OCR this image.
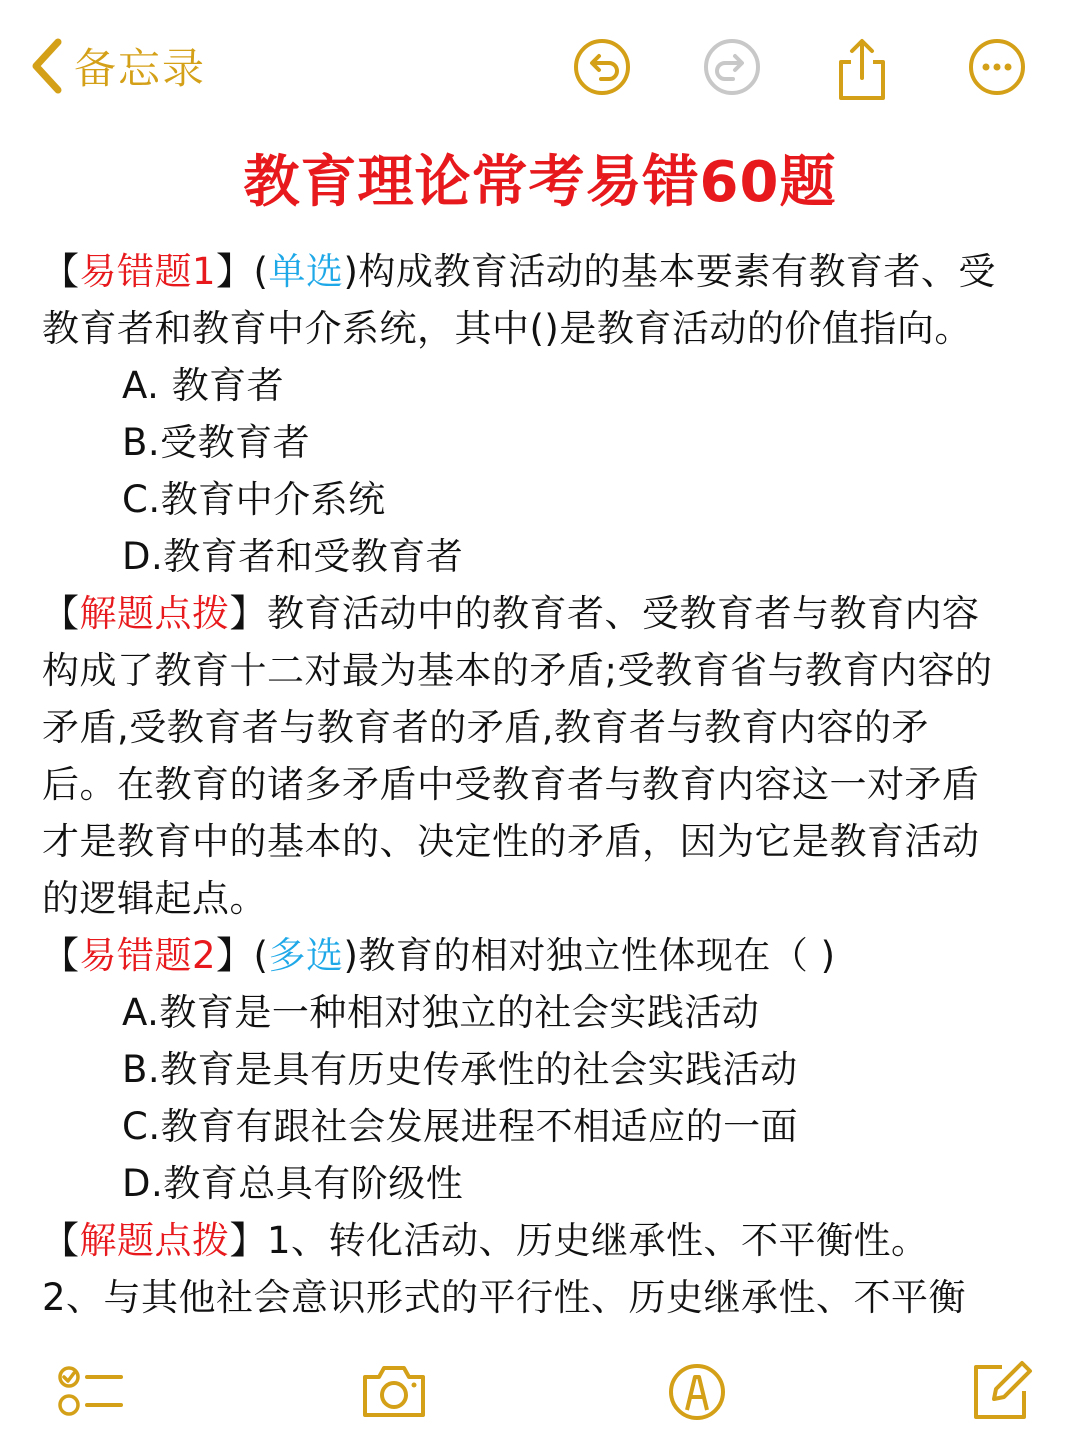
备忘录
教育理论常考易错60题
【易错题1】(单选)构成教育活动的基本要素有教育者、受
教育者和教育中介系统，其中()是教育活动的价值指向。
A. 教育者
B.受教育者
C.教育中介系统
D.教育者和受教育者
【解题点拨】教育活动中的教育者、受教育者与教育内容
构成了教育十二对最为基本的矛盾;受教育省与教育内容的
矛盾,受教育者与教育者的矛盾,教育者与教育内容的矛
后。在教育的诸多矛盾中受教育者与教育内容这一对矛盾
才是教育中的基本的、决定性的矛盾，因为它是教育活动
的逻辑起点。
【易错题2】(多选)教育的相对独立性体现在（ )
A.教育是一种相对独立的社会实践活动
B.教育是具有历史传承性的社会实践活动
C.教育有跟社会发展进程不相适应的一面
D.教育总具有阶级性
【解题点拨】1、转化活动、历史继承性、不平衡性。
2、与其他社会意识形式的平行性、历史继承性、不平衡
